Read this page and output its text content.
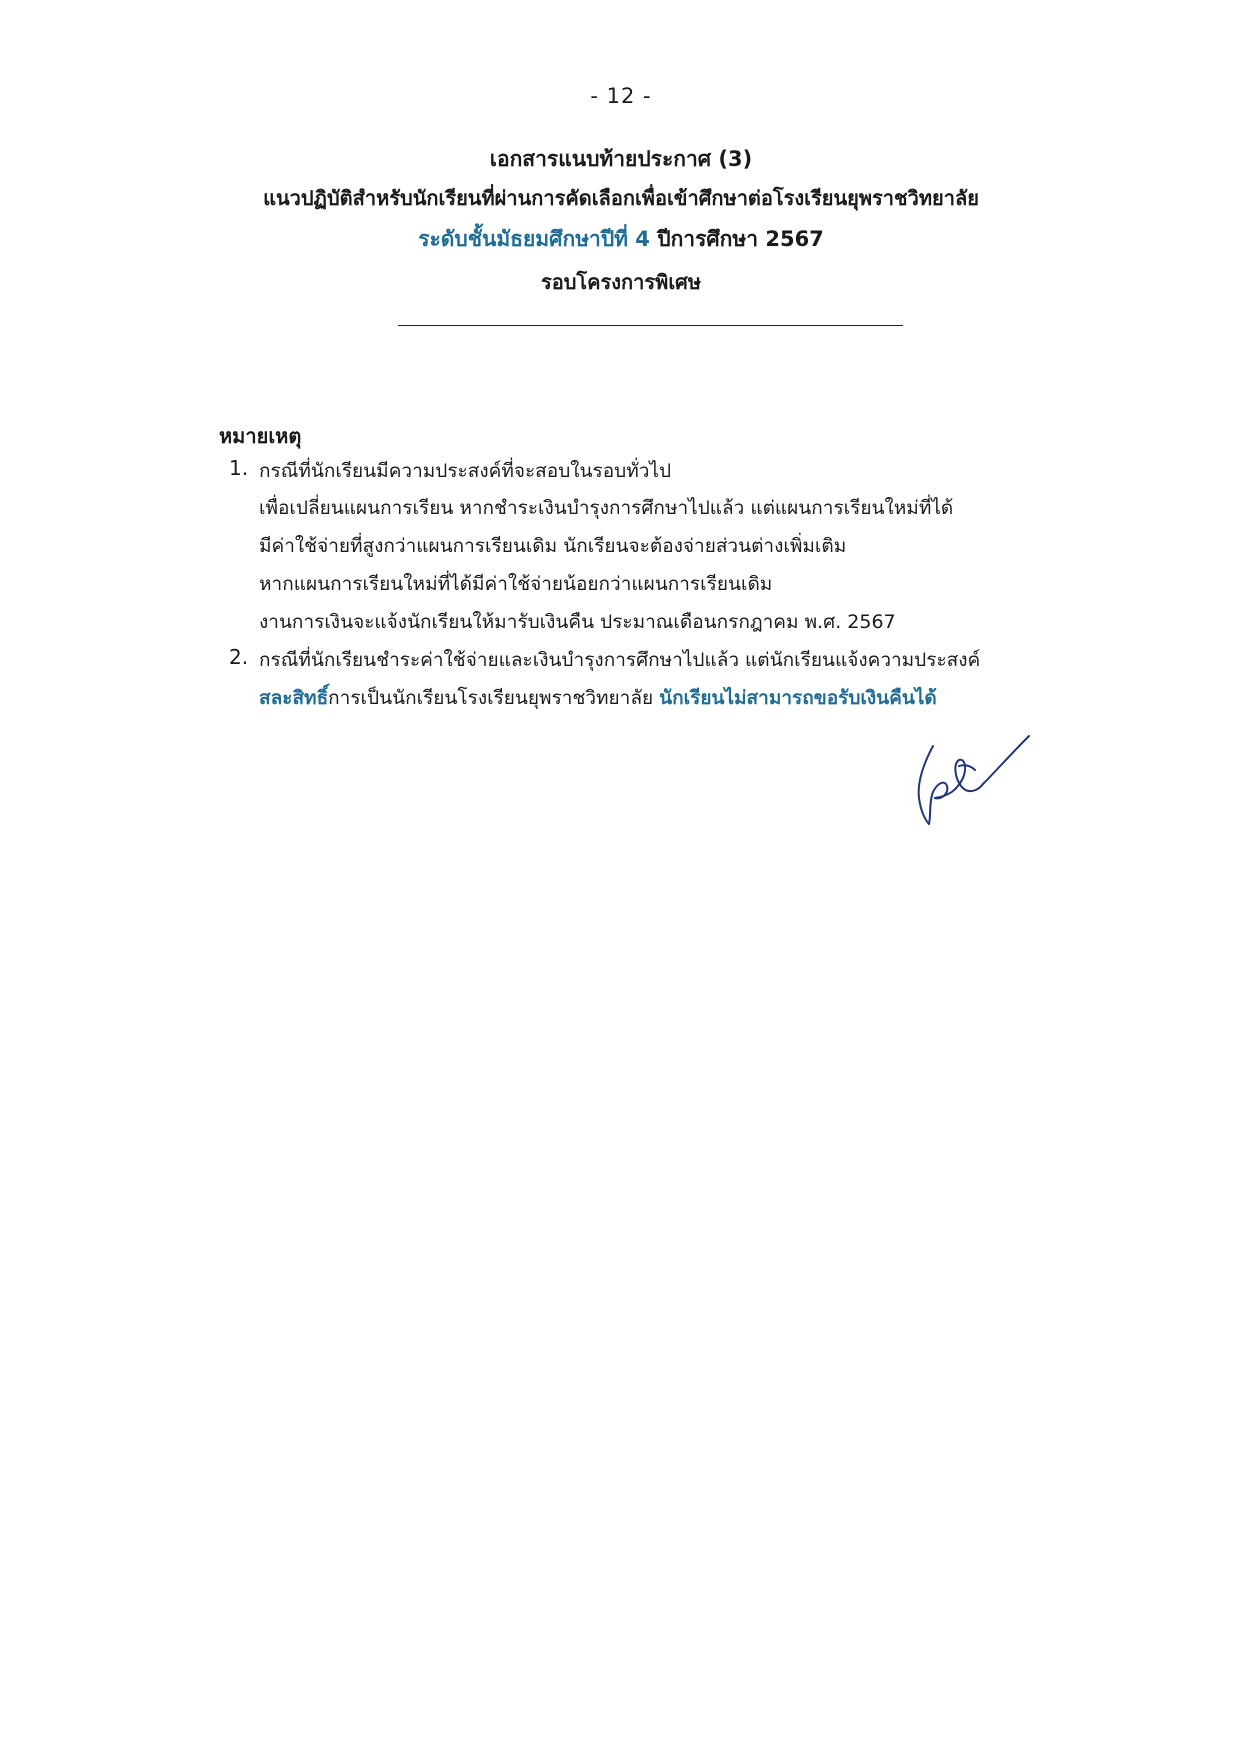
- 12 -
เอกสารแนบท้ายประกาศ (3)
แนวปฏิบัติสำหรับนักเรียนที่ผ่านการคัดเลือกเพื่อเข้าศึกษาต่อโรงเรียนยุพราชวิทยาลัย
ระดับชั้นมัธยมศึกษาปีที่ 4 ปีการศึกษา 2567
รอบโครงการพิเศษ
หมายเหตุ
1. กรณีที่นักเรียนมีความประสงค์ที่จะสอบในรอบทั่วไป
เพื่อเปลี่ยนแผนการเรียน หากชำระเงินบำรุงการศึกษาไปแล้ว แต่แผนการเรียนใหม่ที่ได้
มีค่าใช้จ่ายที่สูงกว่าแผนการเรียนเดิม นักเรียนจะต้องจ่ายส่วนต่างเพิ่มเติม
หากแผนการเรียนใหม่ที่ได้มีค่าใช้จ่ายน้อยกว่าแผนการเรียนเดิม
งานการเงินจะแจ้งนักเรียนให้มารับเงินคืน ประมาณเดือนกรกฎาคม พ.ศ. 2567
2. กรณีที่นักเรียนชำระค่าใช้จ่ายและเงินบำรุงการศึกษาไปแล้ว แต่นักเรียนแจ้งความประสงค์
สละสิทธิ์การเป็นนักเรียนโรงเรียนยุพราชวิทยาลัย นักเรียนไม่สามารถขอรับเงินคืนได้
